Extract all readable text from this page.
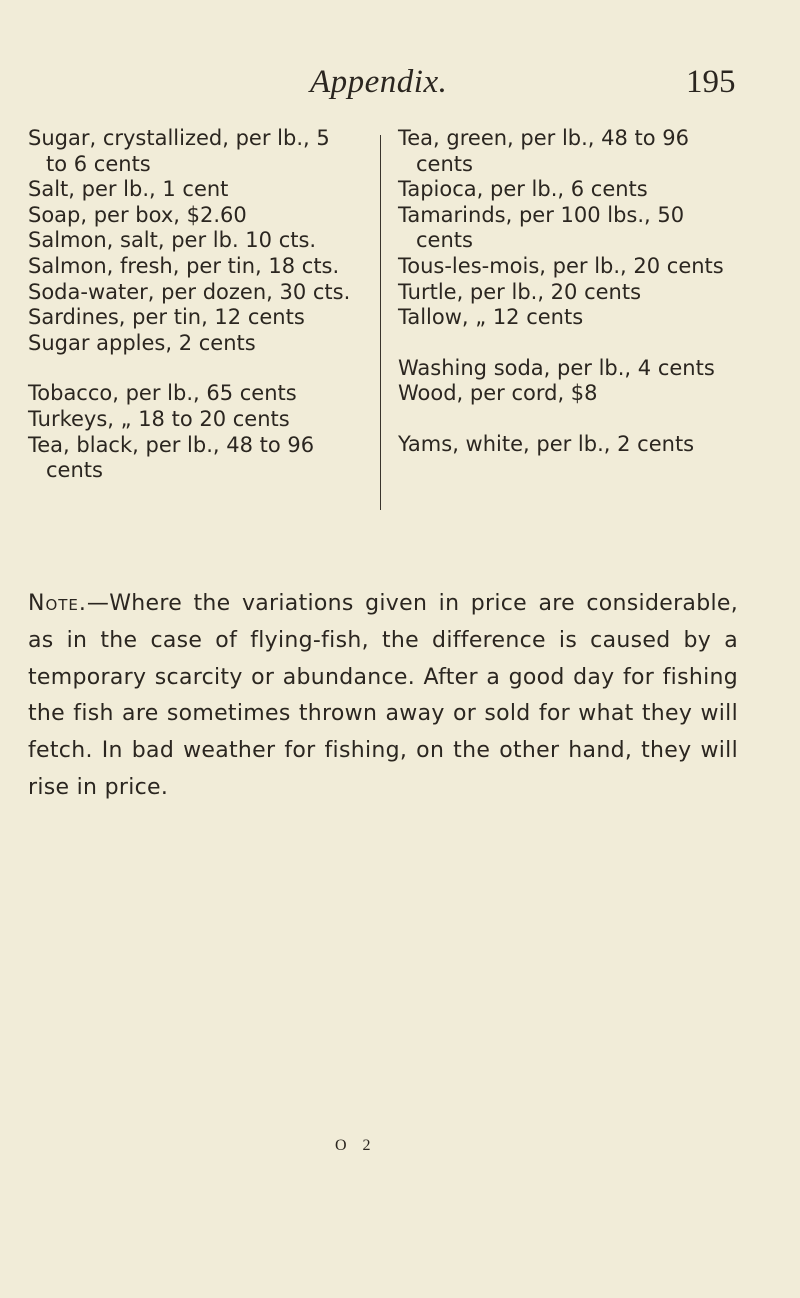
Appendix.	195
Sugar, crystallized, per lb., 5
to 6 cents
Salt, per lb., 1 cent
Soap, per box, $2.60
Salmon, salt, per lb. 10 cts.
Salmon, fresh, per tin, 18 cts.
Soda-water, per dozen, 30 cts.
Sardines, per tin, 12 cents
Sugar apples, 2 cents
Tobacco, per lb., 65 cents
Turkeys, „ 18 to 20 cents
Tea, black, per lb., 48 to 96
cents
Tea, green, per lb., 48 to 96
cents
Tapioca, per lb., 6 cents
Tamarinds, per 100 lbs., 50
cents
Tous-les-mois, per lb., 20 cents
Turtle, per lb., 20 cents
Tallow, „ 12 cents
Washing soda, per lb., 4 cents
Wood, per cord, $8
Yams, white, per lb., 2 cents
Note.—Where the variations given in price are considerable, as in the case of flying-fish, the difference is caused by a temporary scarcity or abundance. After a good day for fishing the fish are sometimes thrown away or sold for what they will fetch. In bad weather for fishing, on the other hand, they will rise in price.
O 2
